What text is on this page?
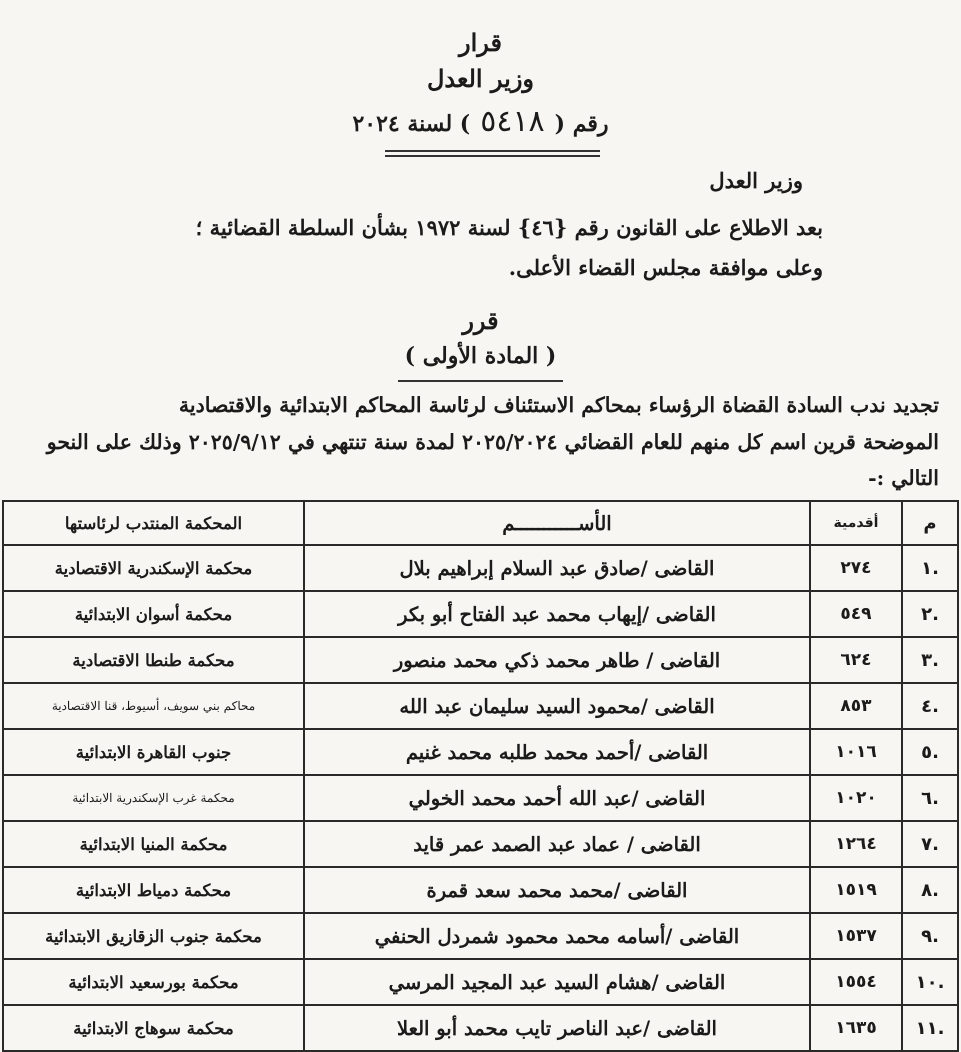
قرار
وزير العدل
رقم (٥٤١٨) لسنة ٢٠٢٤
وزير العدل
بعد الاطلاع على القانون رقم {٤٦} لسنة ١٩٧٢ بشأن السلطة القضائية ؛
وعلى موافقة مجلس القضاء الأعلى.
قرر
( المادة الأولى )
تجديد ندب السادة القضاة الرؤساء بمحاكم الاستئناف لرئاسة المحاكم الابتدائية والاقتصادية
الموضحة قرين اسم كل منهم للعام القضائي ٢٠٢٥/٢٠٢٤ لمدة سنة تنتهي في ٢٠٢٥/٩/١٢ وذلك على النحو
التالي :-
م	أقدمية	الأســـــــــــم	المحكمة المنتدب لرئاستها
.١	٢٧٤	القاضى /صادق عبد السلام إبراهيم بلال	محكمة الإسكندرية الاقتصادية
.٢	٥٤٩	القاضى /إيهاب محمد عبد الفتاح أبو بكر	محكمة أسوان الابتدائية
.٣	٦٢٤	القاضى / طاهر محمد ذكي محمد منصور	محكمة طنطا الاقتصادية
.٤	٨٥٣	القاضى /محمود السيد سليمان عبد الله	محاكم بني سويف، أسيوط، قنا الاقتصادية
.٥	١٠١٦	القاضى /أحمد محمد طلبه محمد غنيم	جنوب القاهرة الابتدائية
.٦	١٠٢٠	القاضى /عبد الله أحمد محمد الخولي	محكمة غرب الإسكندرية الابتدائية
.٧	١٢٦٤	القاضى / عماد عبد الصمد عمر قايد	محكمة المنيا الابتدائية
.٨	١٥١٩	القاضى /محمد محمد سعد قمرة	محكمة دمياط الابتدائية
.٩	١٥٣٧	القاضى /أسامه محمد محمود شمردل الحنفي	محكمة جنوب الزقازيق الابتدائية
.١٠	١٥٥٤	القاضى /هشام السيد عبد المجيد المرسي	محكمة بورسعيد الابتدائية
.١١	١٦٣٥	القاضى /عبد الناصر تايب محمد أبو العلا	محكمة سوهاج الابتدائية
